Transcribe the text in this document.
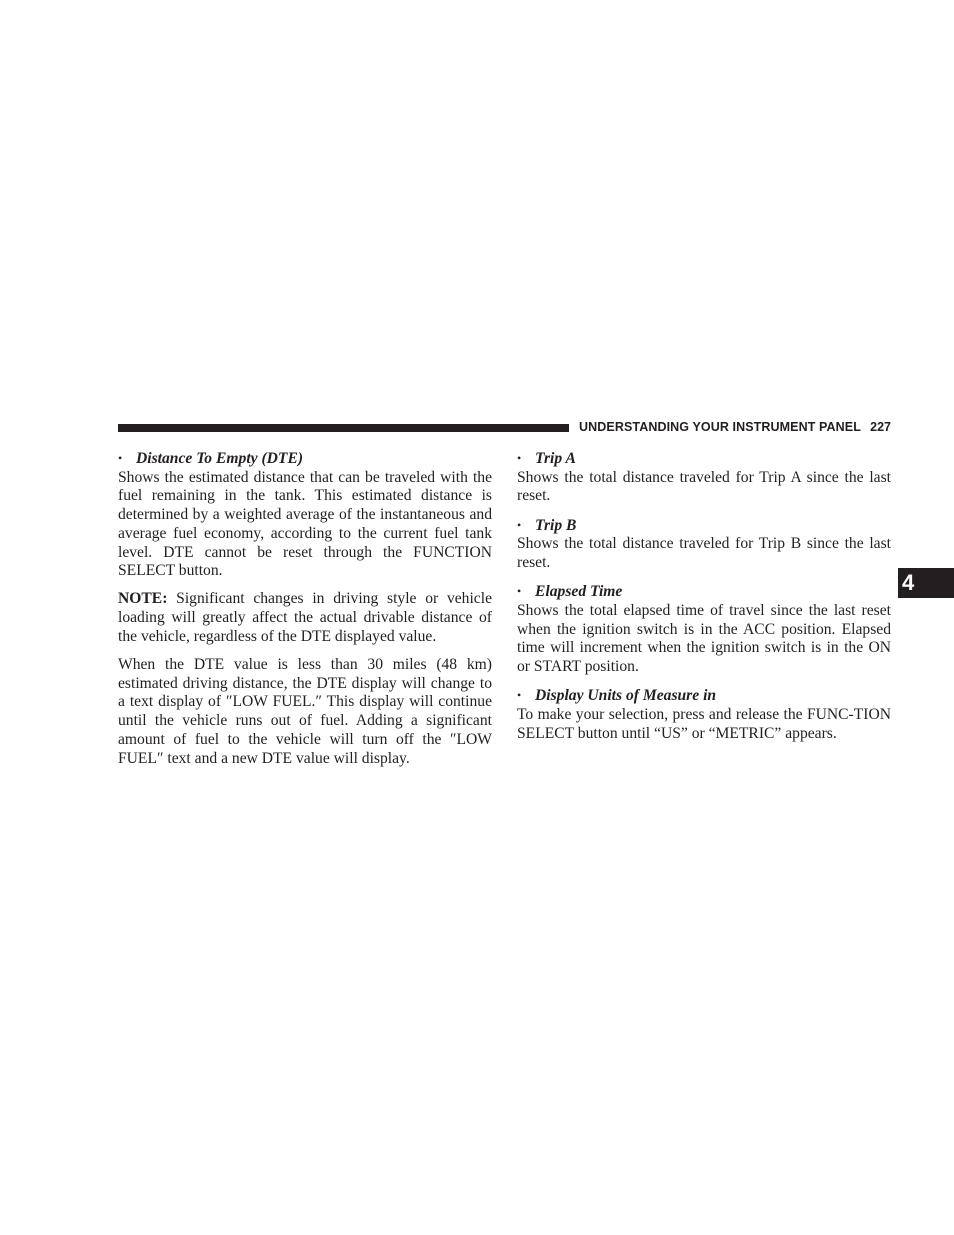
UNDERSTANDING YOUR INSTRUMENT PANEL 227
4

• Distance To Empty (DTE)

Shows the estimated distance that can be traveled with the fuel remaining in the tank. This estimated distance is determined by a weighted average of the instantaneous and average fuel economy, according to the current fuel tank level. DTE cannot be reset through the FUNCTION SELECT button.

NOTE: Significant changes in driving style or vehicle loading will greatly affect the actual drivable distance of the vehicle, regardless of the DTE displayed value.

When the DTE value is less than 30 miles (48 km) estimated driving distance, the DTE display will change to a text display of ″LOW FUEL.″ This display will continue until the vehicle runs out of fuel. Adding a significant amount of fuel to the vehicle will turn off the ″LOW FUEL″ text and a new DTE value will display.

• Trip A

Shows the total distance traveled for Trip A since the last reset.

• Trip B

Shows the total distance traveled for Trip B since the last reset.

• Elapsed Time

Shows the total elapsed time of travel since the last reset when the ignition switch is in the ACC position. Elapsed time will increment when the ignition switch is in the ON or START position.

• Display Units of Measure in

To make your selection, press and release the FUNC-TION SELECT button until “US” or “METRIC” appears.
